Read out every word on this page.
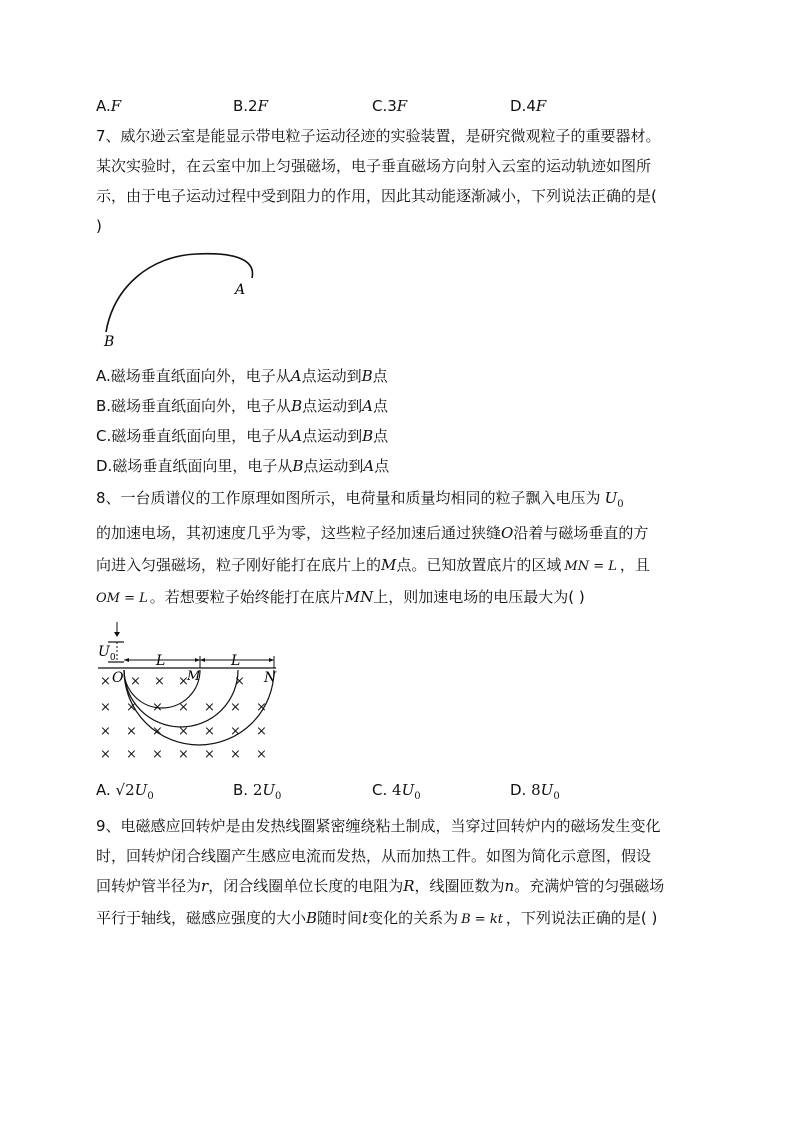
A.F	B.2F	C.3F	D.4F
7、威尔逊云室是能显示带电粒子运动径迹的实验装置，是研究微观粒子的重要器材。
某次实验时，在云室中加上匀强磁场，电子垂直磁场方向射入云室的运动轨迹如图所
示，由于电子运动过程中受到阻力的作用，因此其动能逐渐减小，下列说法正确的是(
)
A
B
A.磁场垂直纸面向外，电子从A点运动到B点
B.磁场垂直纸面向外，电子从B点运动到A点
C.磁场垂直纸面向里，电子从A点运动到B点
D.磁场垂直纸面向里，电子从B点运动到A点
8、一台质谱仪的工作原理如图所示，电荷量和质量均相同的粒子飘入电压为 $U_0$
的加速电场，其初速度几乎为零，这些粒子经加速后通过狭缝O沿着与磁场垂直的方
向进入匀强磁场，粒子刚好能打在底片上的M点。已知放置底片的区域 MN = L ，且
OM = L 。若想要粒子始终能打在底片MN上，则加速电场的电压最大为( )
$U_0$	L	L
O	M	N
× × × ×	×
× × × × × × ×
× × × × × × ×
× × × × × × ×
A. $√2U_0$	B. $2U_0$	C. $4U_0$	D. $8U_0$
9、电磁感应回转炉是由发热线圈紧密缠绕粘土制成，当穿过回转炉内的磁场发生变化
时，回转炉闭合线圈产生感应电流而发热，从而加热工件。如图为简化示意图，假设
回转炉管半径为r，闭合线圈单位长度的电阻为R，线圈匝数为n。充满炉管的匀强磁场
平行于轴线，磁感应强度的大小B随时间t变化的关系为 B = kt ，下列说法正确的是( )
